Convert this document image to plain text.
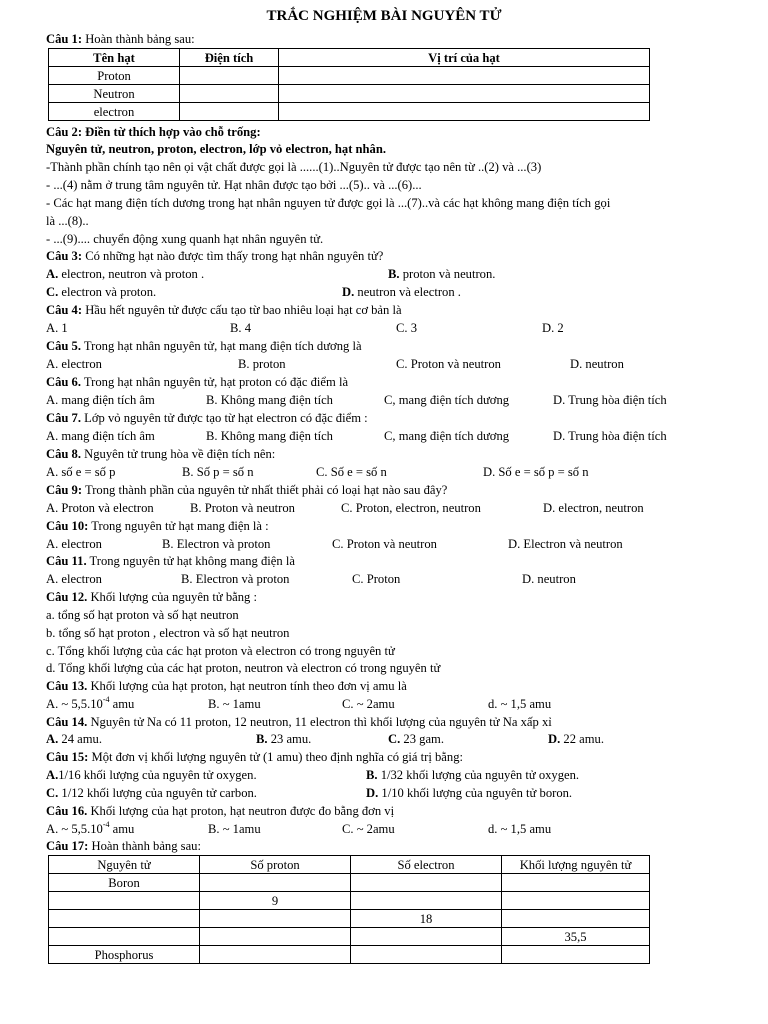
TRẮC NGHIỆM BÀI NGUYÊN TỬ
Câu 1: Hoàn thành bảng sau:
Tên hạt	Điện tích	Vị trí của hạt
Proton		
Neutron		
electron		
Câu 2: Điền từ thích hợp vào chỗ trống:
Nguyên tử, neutron, proton, electron, lớp vỏ electron, hạt nhân.
-Thành phần chính tạo nên ọi vật chất được gọi là ......(1)..Nguyên tử được tạo nên từ ..(2) và ...(3)
- ...(4) nằm ở trung tâm nguyên tử. Hạt nhân được tạo bởi ...(5).. và ...(6)...
- Các hạt mang điện tích dương trong hạt nhân nguyen tử được gọi là ...(7)..và các hạt không mang điện tích gọi
là ...(8)..
- ...(9).... chuyển động xung quanh hạt nhân nguyên tử.
Câu 3: Có những hạt nào được tìm thấy trong hạt nhân nguyên tử?
A. electron, neutron và proton .	B. proton và neutron.
C. electron và proton.	D. neutron và electron .
Câu 4: Hầu hết nguyên tử được cấu tạo từ bao nhiêu loại hạt cơ bản là
A. 1	B. 4	C. 3	D. 2
Câu 5. Trong hạt nhân nguyên tử, hạt mang điện tích dương là
A. electron	B. proton	C. Proton và neutron	D. neutron
Câu 6. Trong hạt nhân nguyên tử, hạt proton có đặc điểm là
A. mang điện tích âm	B. Không mang điện tích	C, mang điện tích dương	D. Trung hòa điện tích
Câu 7. Lớp vỏ nguyên tử được tạo từ hạt electron có đặc điểm :
A. mang điện tích âm	B. Không mang điện tích	C, mang điện tích dương	D. Trung hòa điện tích
Câu 8. Nguyên tử trung hòa về điện tích nên:
A. số e = số p	B. Số p = số n	C. Số e = số n	D. Số e = số p = số n
Câu 9: Trong thành phần của nguyên tử nhất thiết phải có loại hạt nào sau đây?
A. Proton và electron	B. Proton và neutron	C. Proton, electron, neutron	D. electron, neutron
Câu 10: Trong nguyên tử hạt mang điện là :
A. electron	B. Electron và proton	C. Proton và neutron	D. Electron và neutron
Câu 11. Trong nguyên tử hạt không mang điện là
A. electron	B. Electron và proton	C. Proton	D. neutron
Câu 12. Khối lượng của nguyên tử bằng :
a. tổng số hạt proton và số hạt neutron
b. tổng số hạt proton , electron và số hạt neutron
c. Tổng khối lượng của các hạt proton và electron có trong nguyên tử
d. Tổng khối lượng của các hạt proton, neutron và electron có trong nguyên tử
Câu 13. Khối lượng của hạt proton, hạt neutron tính theo đơn vị amu là
A. ~ $5,5.10^{-4}$ amu	B. ~ 1amu	C. ~ 2amu	d. ~ 1,5 amu
Câu 14. Nguyên tử Na có 11 proton, 12 neutron, 11 electron thì khối lượng của nguyên tử Na xấp xỉ
A. 24 amu.	B. 23 amu.	C. 23 gam.	D. 22 amu.
Câu 15: Một đơn vị khối lượng nguyên tử (1 amu) theo định nghĩa có giá trị bằng:
A.1/16 khối lượng của nguyên tử oxygen.	B. 1/32 khối lượng của nguyên tử oxygen.
C. 1/12 khối lượng của nguyên tử carbon.	D. 1/10 khối lượng của nguyên tử boron.
Câu 16. Khối lượng của hạt proton, hạt neutron được đo bằng đơn vị
A. ~ $5,5.10^{-4}$ amu	B. ~ 1amu	C. ~ 2amu	d. ~ 1,5 amu
Câu 17: Hoàn thành bảng sau:
Nguyên tử	Số proton	Số electron	Khối lượng nguyên tử
Boron			
	9		
		18	
			35,5
Phosphorus			
